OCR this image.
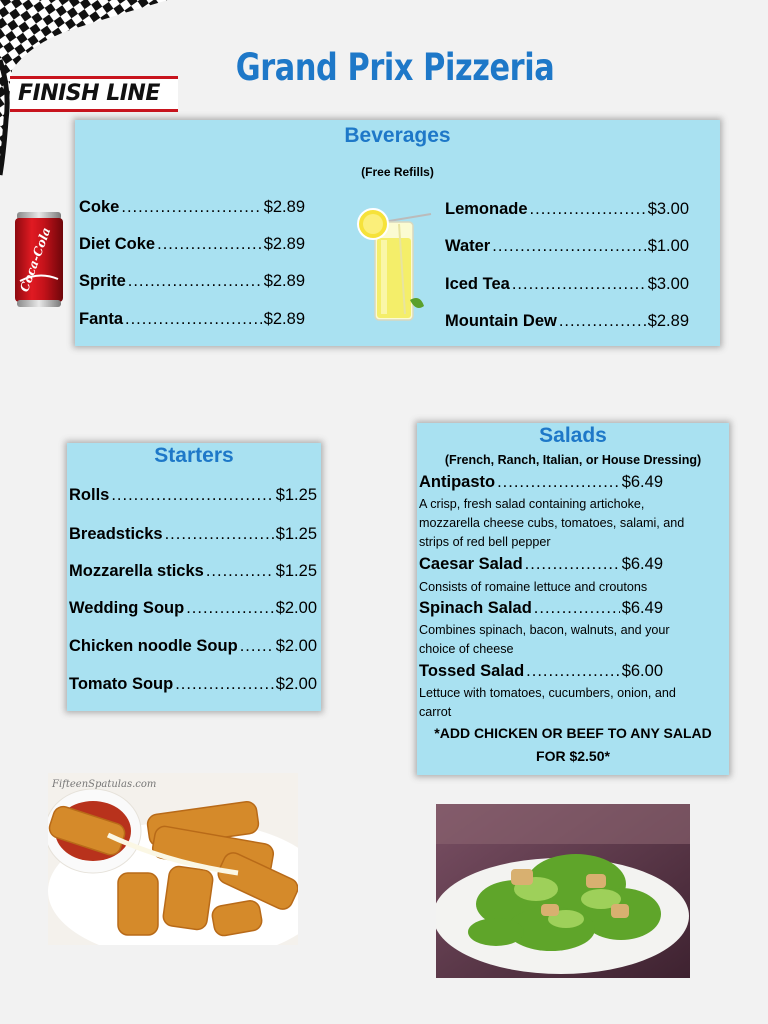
FINISH LINE
Grand Prix Pizzeria
Coca-Cola
Beverages
(Free Refills)
Coke .....	$2.89
Diet Coke .....	$2.89
Sprite .....	$2.89
Fanta .....	$2.89
Lemonade .....	$3.00
Water .....	$1.00
Iced Tea .....	$3.00
Mountain Dew .....	$2.89
Starters
Rolls .....	$1.25
Breadsticks .....	$1.25
Mozzarella sticks .....	$1.25
Wedding Soup .....	$2.00
Chicken noodle Soup ..... $2.00
Tomato Soup .....	$2.00
Salads
(French, Ranch, Italian, or House Dressing)
Antipasto .....	$6.49
A crisp, fresh salad containing artichoke,
mozzarella cheese cubs, tomatoes, salami, and
strips of red bell pepper
Caesar Salad .....	$6.49
Consists of romaine lettuce and croutons
Spinach Salad .....	$6.49
Combines spinach, bacon, walnuts, and your
choice of cheese
Tossed Salad .....	$6.00
Lettuce with tomatoes, cucumbers, onion, and
carrot
*ADD CHICKEN OR BEEF TO ANY SALAD
FOR $2.50*
FifteenSpatulas.com
